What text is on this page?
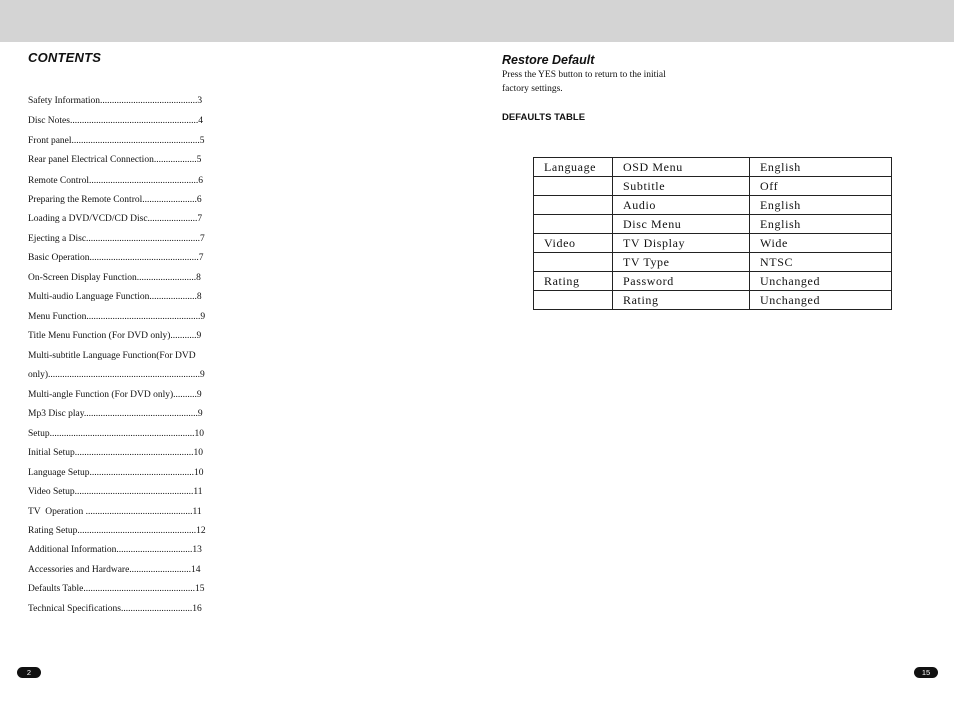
CONTENTS
Safety Information.........................................3
Disc Notes......................................................4
Front panel......................................................5
Rear panel Electrical Connection..................5
Remote Control..............................................6
Preparing the Remote Control.......................6
Loading a DVD/VCD/CD Disc.....................7
Ejecting a Disc................................................7
Basic Operation..............................................7
On-Screen Display Function.........................8
Multi-audio Language Function....................8
Menu Function................................................9
Title Menu Function (For DVD only)...........9
Multi-subtitle Language Function(For DVD
only)................................................................9
Multi-angle Function (For DVD only)..........9
Mp3 Disc play................................................9
Setup.............................................................10
Initial Setup..................................................10
Language Setup............................................10
Video Setup..................................................11
TV  Operation .............................................11
Rating Setup..................................................12
Additional Information................................13
Accessories and Hardware..........................14
Defaults Table...............................................15
Technical Specifications..............................16
2
Restore Default
Press the YES button to return to the initial
factory settings.
DEFAULTS TABLE
Language	OSD Menu	English
	Subtitle	Off
	Audio	English
	Disc Menu	English
Video	TV Display	Wide
	TV Type	NTSC
Rating	Password	Unchanged
	Rating	Unchanged
15
